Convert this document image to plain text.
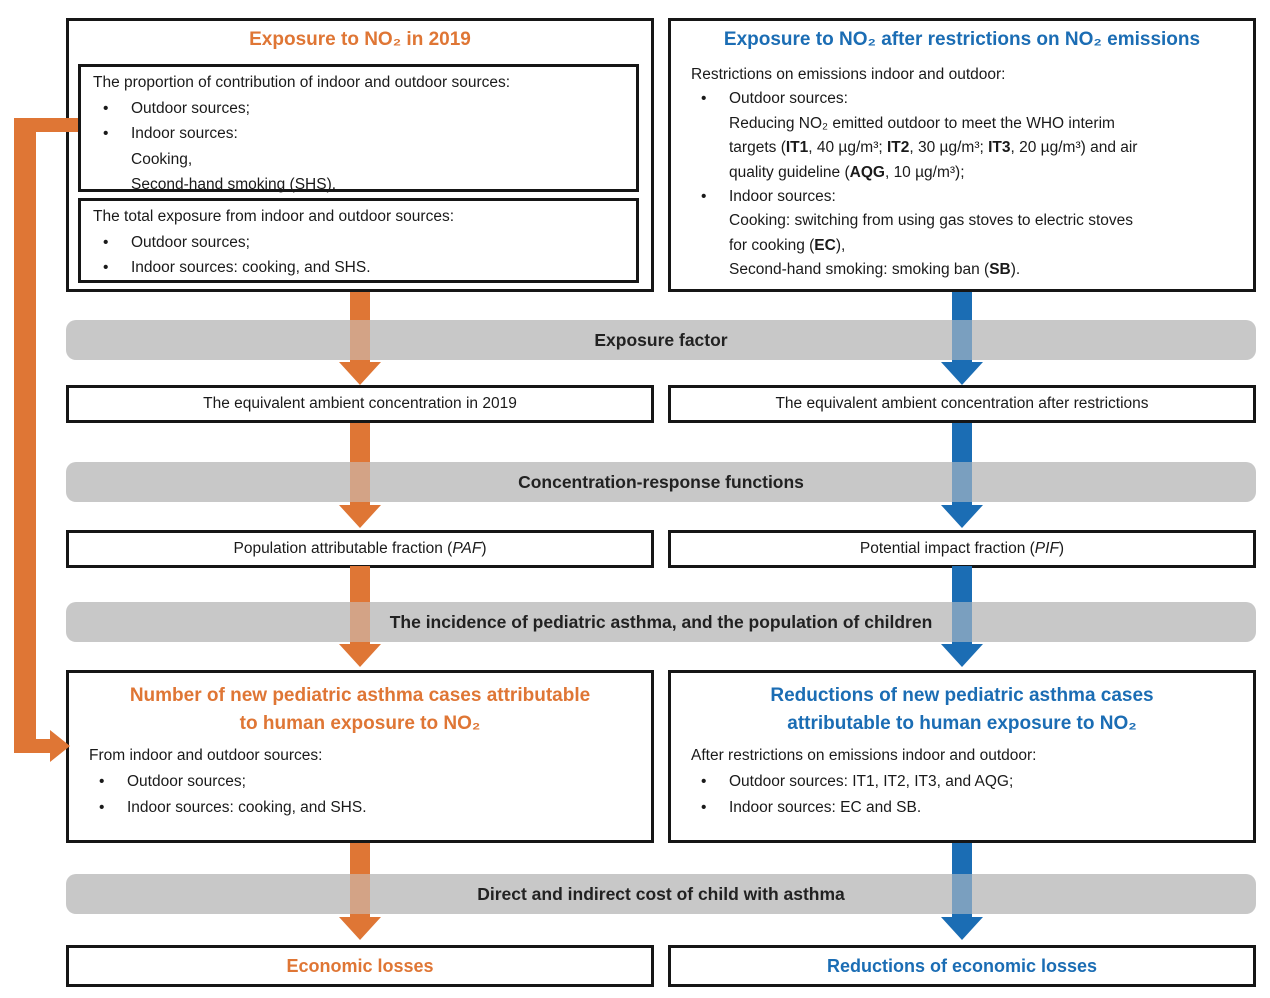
Exposure factor
Concentration-response functions
The incidence of pediatric asthma, and the population of children
Direct and indirect cost of child with asthma
Exposure to NO₂ in 2019
The proportion of contribution of indoor and outdoor sources:
• Outdoor sources;
• Indoor sources:
Cooking,
Second-hand smoking (SHS).
The total exposure from indoor and outdoor sources:
• Outdoor sources;
• Indoor sources: cooking, and SHS.
Exposure to NO₂ after restrictions on NO₂ emissions
Restrictions on emissions indoor and outdoor:
• Outdoor sources:
Reducing NO₂ emitted outdoor to meet the WHO interim
targets (IT1, 40 µg/m³; IT2, 30 µg/m³; IT3, 20 µg/m³) and air
quality guideline (AQG, 10 µg/m³);
• Indoor sources:
Cooking: switching from using gas stoves to electric stoves
for cooking (EC),
Second-hand smoking: smoking ban (SB).
The equivalent ambient concentration in 2019	The equivalent ambient concentration after restrictions
Population attributable fraction (PAF)	Potential impact fraction (PIF)
Number of new pediatric asthma cases attributable
to human exposure to NO₂
From indoor and outdoor sources:
• Outdoor sources;
• Indoor sources: cooking, and SHS.
Reductions of new pediatric asthma cases
attributable to human exposure to NO₂
After restrictions on emissions indoor and outdoor:
• Outdoor sources: IT1, IT2, IT3, and AQG;
• Indoor sources: EC and SB.
Economic losses	Reductions of economic losses
